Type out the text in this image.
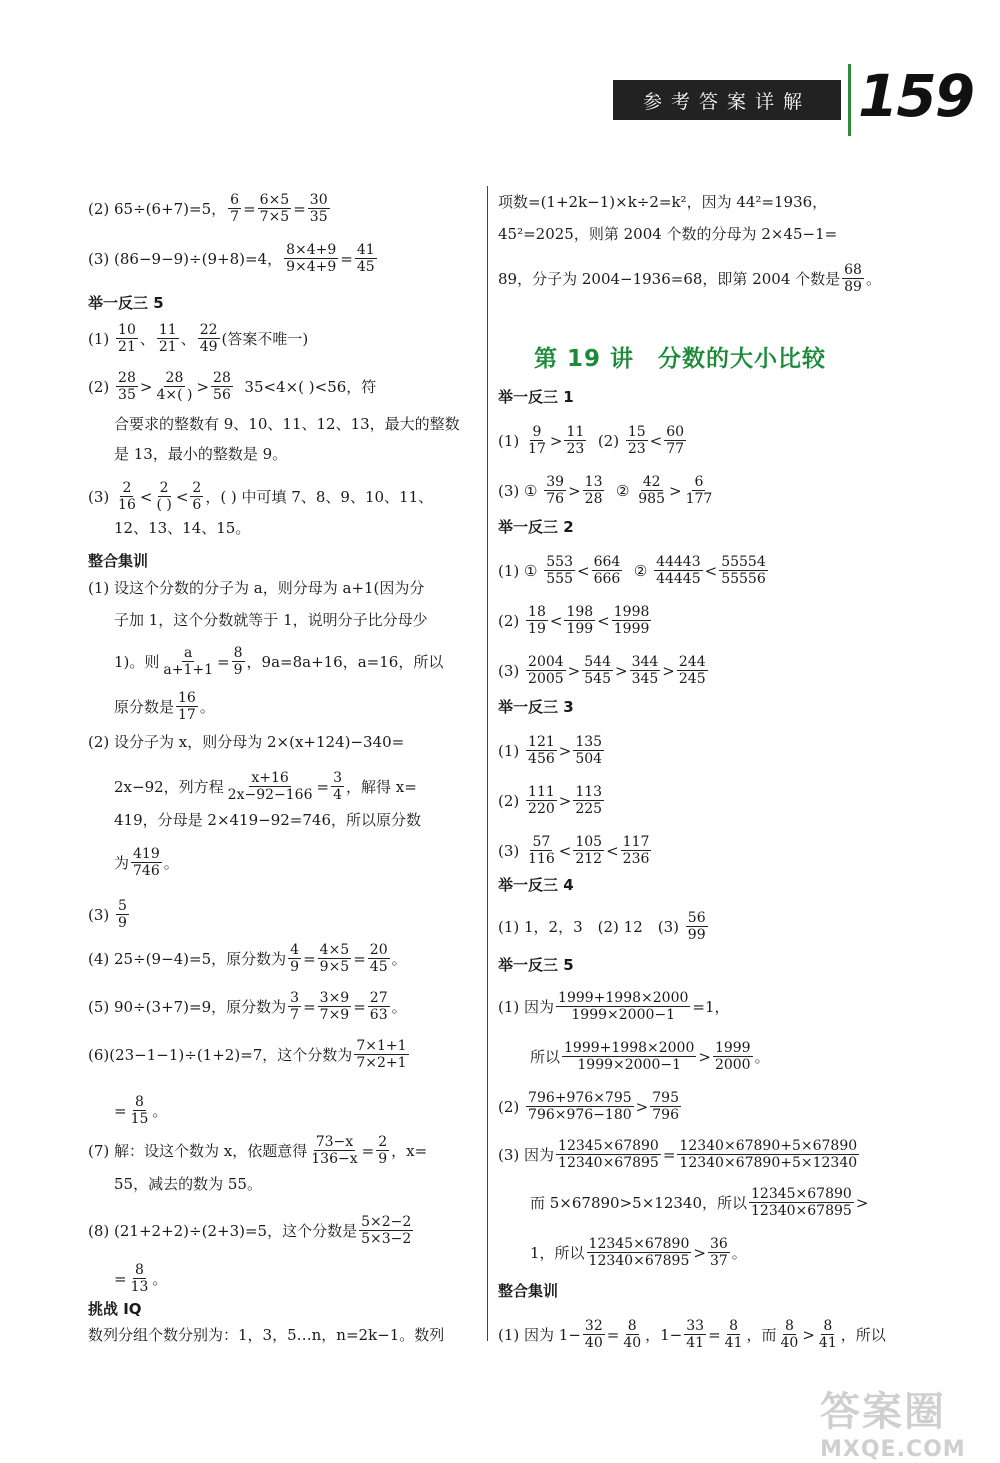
参考答案详解 159
(2) 65÷(6+7)=5， $\frac{6}{7} = \frac{6\times 5}{7\times 5} = \frac{30}{35}$
(3) (86−9−9)÷(9+8)=4， $\frac{8\times 4+9}{9\times 4+9} = \frac{41}{45}$
举一反三 5
(1)
$\frac{10}{21}$ 、 $\frac{11}{21}$ 、 $\frac{22}{49}$ (答案不唯一)
(2)
$\frac{28}{35} > \frac{28}{4\times( )} > \frac{28}{56}$
35<4×( )<56，符
合要求的整数有 9、10、11、12、13，最大的整数
是 13，最小的整数是 9。
(3)
$\frac{2}{16} < \frac{2}{( )} < \frac{2}{6}$ ，( ) 中可填 7、8、9、10、11、
12、13、14、15。
整合集训
(1) 设这个分数的分子为 a，则分母为 a+1(因为分
子加 1，这个分数就等于 1，说明分子比分母少
1)。则 $\frac{a}{a+1+1} = \frac{8}{9}$ ，9a=8a+16，a=16，所以
原分数是 $\frac{16}{17}$ 。
(2) 设分子为 x，则分母为 2×(x+124)−340=
2x−92，列方程 $\frac{x+16}{2x-92-166} = \frac{3}{4}$ ，解得 x=
419，分母是 2×419−92=746，所以原分数
为 $\frac{419}{746}$ 。
(3)
$\frac{5}{9}$
(4) 25÷(9−4)=5，原分数为 $\frac{4}{9} = \frac{4\times 5}{9\times 5} = \frac{20}{45}$ 。
(5) 90÷(3+7)=9，原分数为 $\frac{3}{7} = \frac{3\times 9}{7\times 9} = \frac{27}{63}$ 。
(6)(23−1−1)÷(1+2)=7，这个分数为 $\frac{7\times 1+1}{7\times 2+1}$
= $\frac{8}{15}$ 。
(7) 解：设这个数为 x，依题意得 $\frac{73-x}{136-x} = \frac{2}{9}$ ，x=
55，减去的数为 55。
(8) (21+2+2)÷(2+3)=5，这个分数是 $\frac{5\times 2-2}{5\times 3-2}$
= $\frac{8}{13}$ 。
挑战 IQ
数列分组个数分别为：1，3，5…n，n=2k−1。数列
项数=(1+2k−1)×k÷2=k²，因为 44²=1936，
45²=2025，则第 2004 个数的分母为 2×45−1=
89，分子为 2004−1936=68，即第 2004 个数是 $\frac{68}{89}$ 。
第 19 讲　分数的大小比较
举一反三 1
(1)
$\frac{9}{17} > \frac{11}{23}$
(2)
$\frac{15}{23} < \frac{60}{77}$
(3) ①
$\frac{39}{76} > \frac{13}{28}$
②
$\frac{42}{985} > \frac{6}{177}$
举一反三 2
(1) ①
$\frac{553}{555} < \frac{664}{666}$
②
$\frac{44443}{44445} < \frac{55554}{55556}$
(2)
$\frac{18}{19} < \frac{198}{199} < \frac{1998}{1999}$
(3)
$\frac{2004}{2005} > \frac{544}{545} > \frac{344}{345} > \frac{244}{245}$
举一反三 3
(1)
$\frac{121}{456} > \frac{135}{504}$
(2)
$\frac{111}{220} > \frac{113}{225}$
(3)
$\frac{57}{116} < \frac{105}{212} < \frac{117}{236}$
举一反三 4
(1) 1，2，3　(2) 12　(3)
$\frac{56}{99}$
举一反三 5
(1) 因为 $\frac{1999+1998\times 2000}{1999\times 2000-1} =1$，
所以 $\frac{1999+1998\times 2000}{1999\times 2000-1} > \frac{1999}{2000}$ 。
(2)
$\frac{796+976\times 795}{796\times 976-180} > \frac{795}{796}$
(3) 因为 $\frac{12345\times 67890}{12340\times 67895} = \frac{12340\times 67890+5\times 67890}{12340\times 67890+5\times 12340}$
而 5×67890>5×12340，所以 $\frac{12345\times 67890}{12340\times 67895}$ >
1，所以 $\frac{12345\times 67890}{12340\times 67895} > \frac{36}{37}$ 。
整合集训
(1) 因为 $1- \frac{32}{40} = \frac{8}{40}$ ，$1- \frac{33}{41} = \frac{8}{41}$ ，而 $\frac{8}{40} > \frac{8}{41}$ ，所以
答案圈
MXQE.COM
